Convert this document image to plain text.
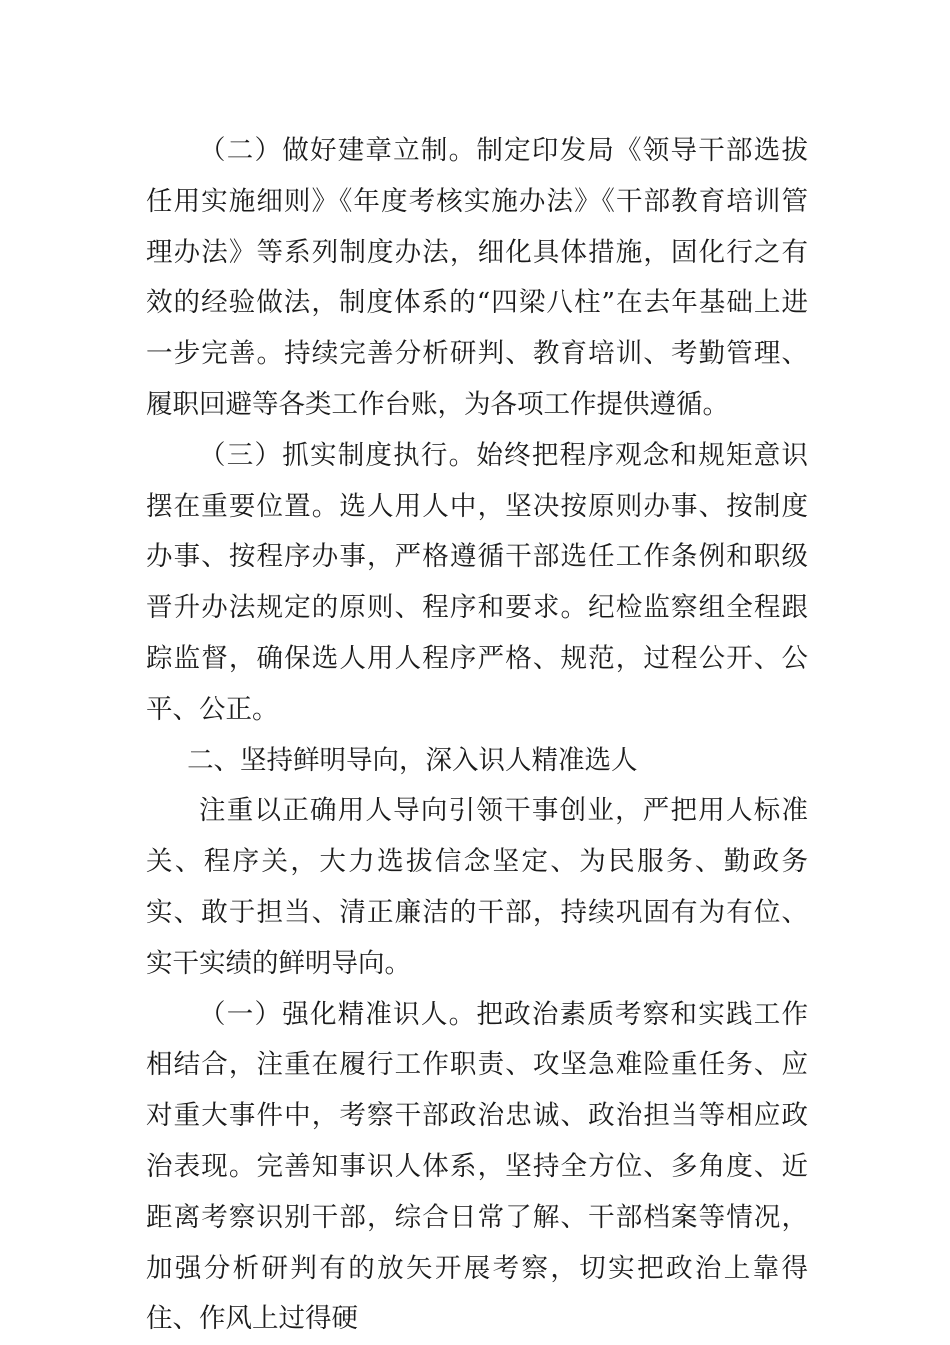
（二）做好建章立制。制定印发局《领导干部选拔任用实施细则》《年度考核实施办法》《干部教育培训管理办法》等系列制度办法，细化具体措施，固化行之有效的经验做法，制度体系的“四梁八柱”在去年基础上进一步完善。持续完善分析研判、教育培训、考勤管理、履职回避等各类工作台账，为各项工作提供遵循。

（三）抓实制度执行。始终把程序观念和规矩意识摆在重要位置。选人用人中，坚决按原则办事、按制度办事、按程序办事，严格遵循干部选任工作条例和职级晋升办法规定的原则、程序和要求。纪检监察组全程跟踪监督，确保选人用人程序严格、规范，过程公开、公平、公正。

二、坚持鲜明导向，深入识人精准选人

注重以正确用人导向引领干事创业，严把用人标准关、程序关，大力选拔信念坚定、为民服务、勤政务实、敢于担当、清正廉洁的干部，持续巩固有为有位、实干实绩的鲜明导向。

（一）强化精准识人。把政治素质考察和实践工作相结合，注重在履行工作职责、攻坚急难险重任务、应对重大事件中，考察干部政治忠诚、政治担当等相应政治表现。完善知事识人体系，坚持全方位、多角度、近距离考察识别干部，综合日常了解、干部档案等情况，加强分析研判有的放矢开展考察，切实把政治上靠得住、作风上过得硬
